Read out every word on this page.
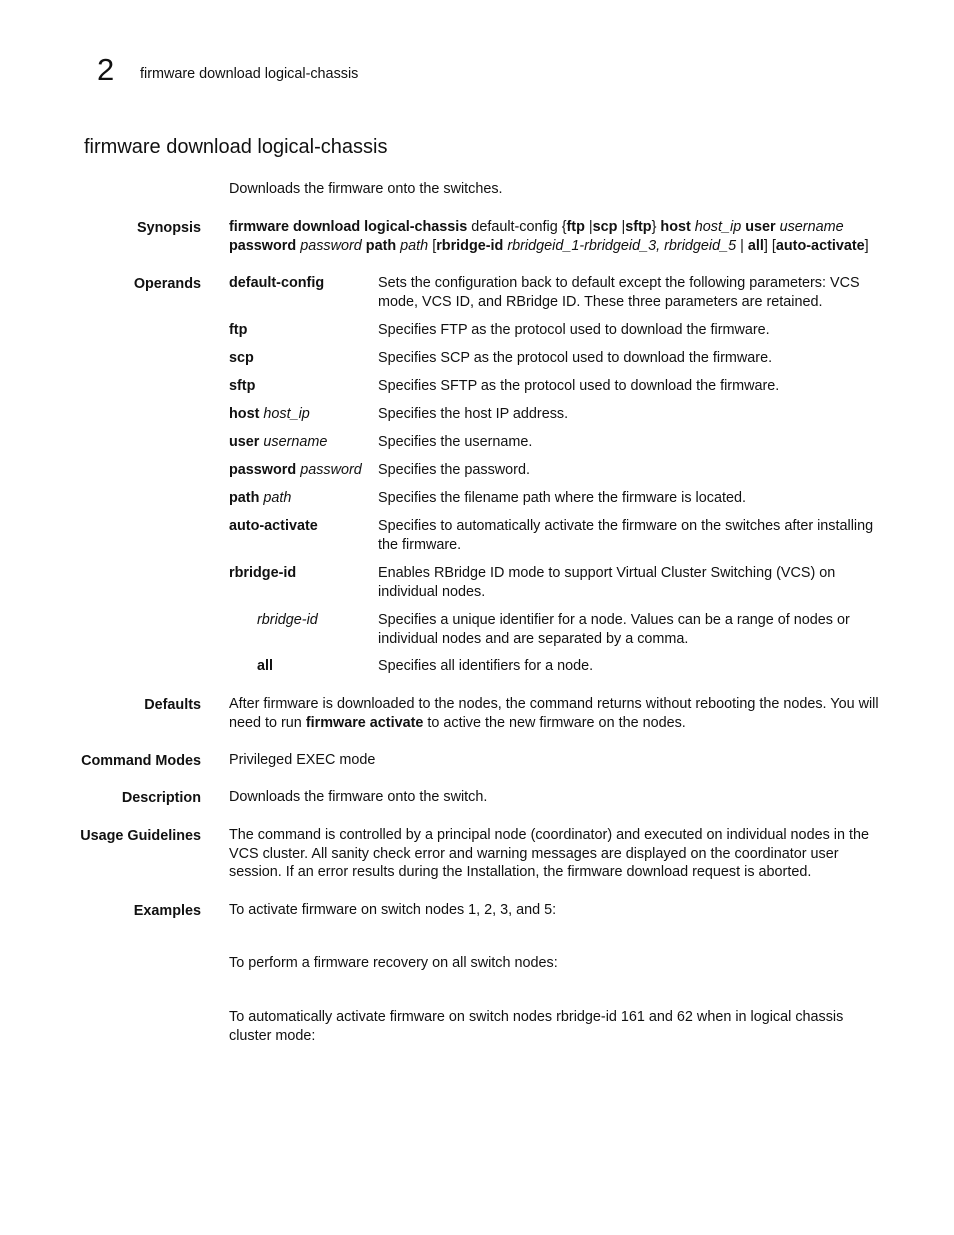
2 firmware download logical-chassis
firmware download logical-chassis
Downloads the firmware onto the switches.
Synopsis firmware download logical-chassis default-config {ftp |scp |sftp} host host_ip user username
password password path path [rbridge-id rbridgeid_1-rbridgeid_3, rbridgeid_5 | all] [auto-activate]
Operands default-config	Sets the configuration back to default except the following parameters: VCS mode, VCS ID, and RBridge ID. These three parameters are retained.
ftp	Specifies FTP as the protocol used to download the firmware.
scp	Specifies SCP as the protocol used to download the firmware.
sftp	Specifies SFTP as the protocol used to download the firmware.
host host_ip	Specifies the host IP address.
user username	Specifies the username.
password password	Specifies the password.
path path	Specifies the filename path where the firmware is located.
auto-activate	Specifies to automatically activate the firmware on the switches after installing the firmware.
rbridge-id	Enables RBridge ID mode to support Virtual Cluster Switching (VCS) on individual nodes.
rbridge-id	Specifies a unique identifier for a node. Values can be a range of nodes or individual nodes and are separated by a comma.
all	Specifies all identifiers for a node.
Defaults After firmware is downloaded to the nodes, the command returns without rebooting the nodes. You will need to run firmware activate to active the new firmware on the nodes.
Command Modes Privileged EXEC mode
Description Downloads the firmware onto the switch.
Usage Guidelines The command is controlled by a principal node (coordinator) and executed on individual nodes in the VCS cluster. All sanity check error and warning messages are displayed on the coordinator user session. If an error results during the Installation, the firmware download request is aborted.
Examples To activate firmware on switch nodes 1, 2, 3, and 5:
To perform a firmware recovery on all switch nodes:
To automatically activate firmware on switch nodes rbridge-id 161 and 62 when in logical chassis cluster mode:
